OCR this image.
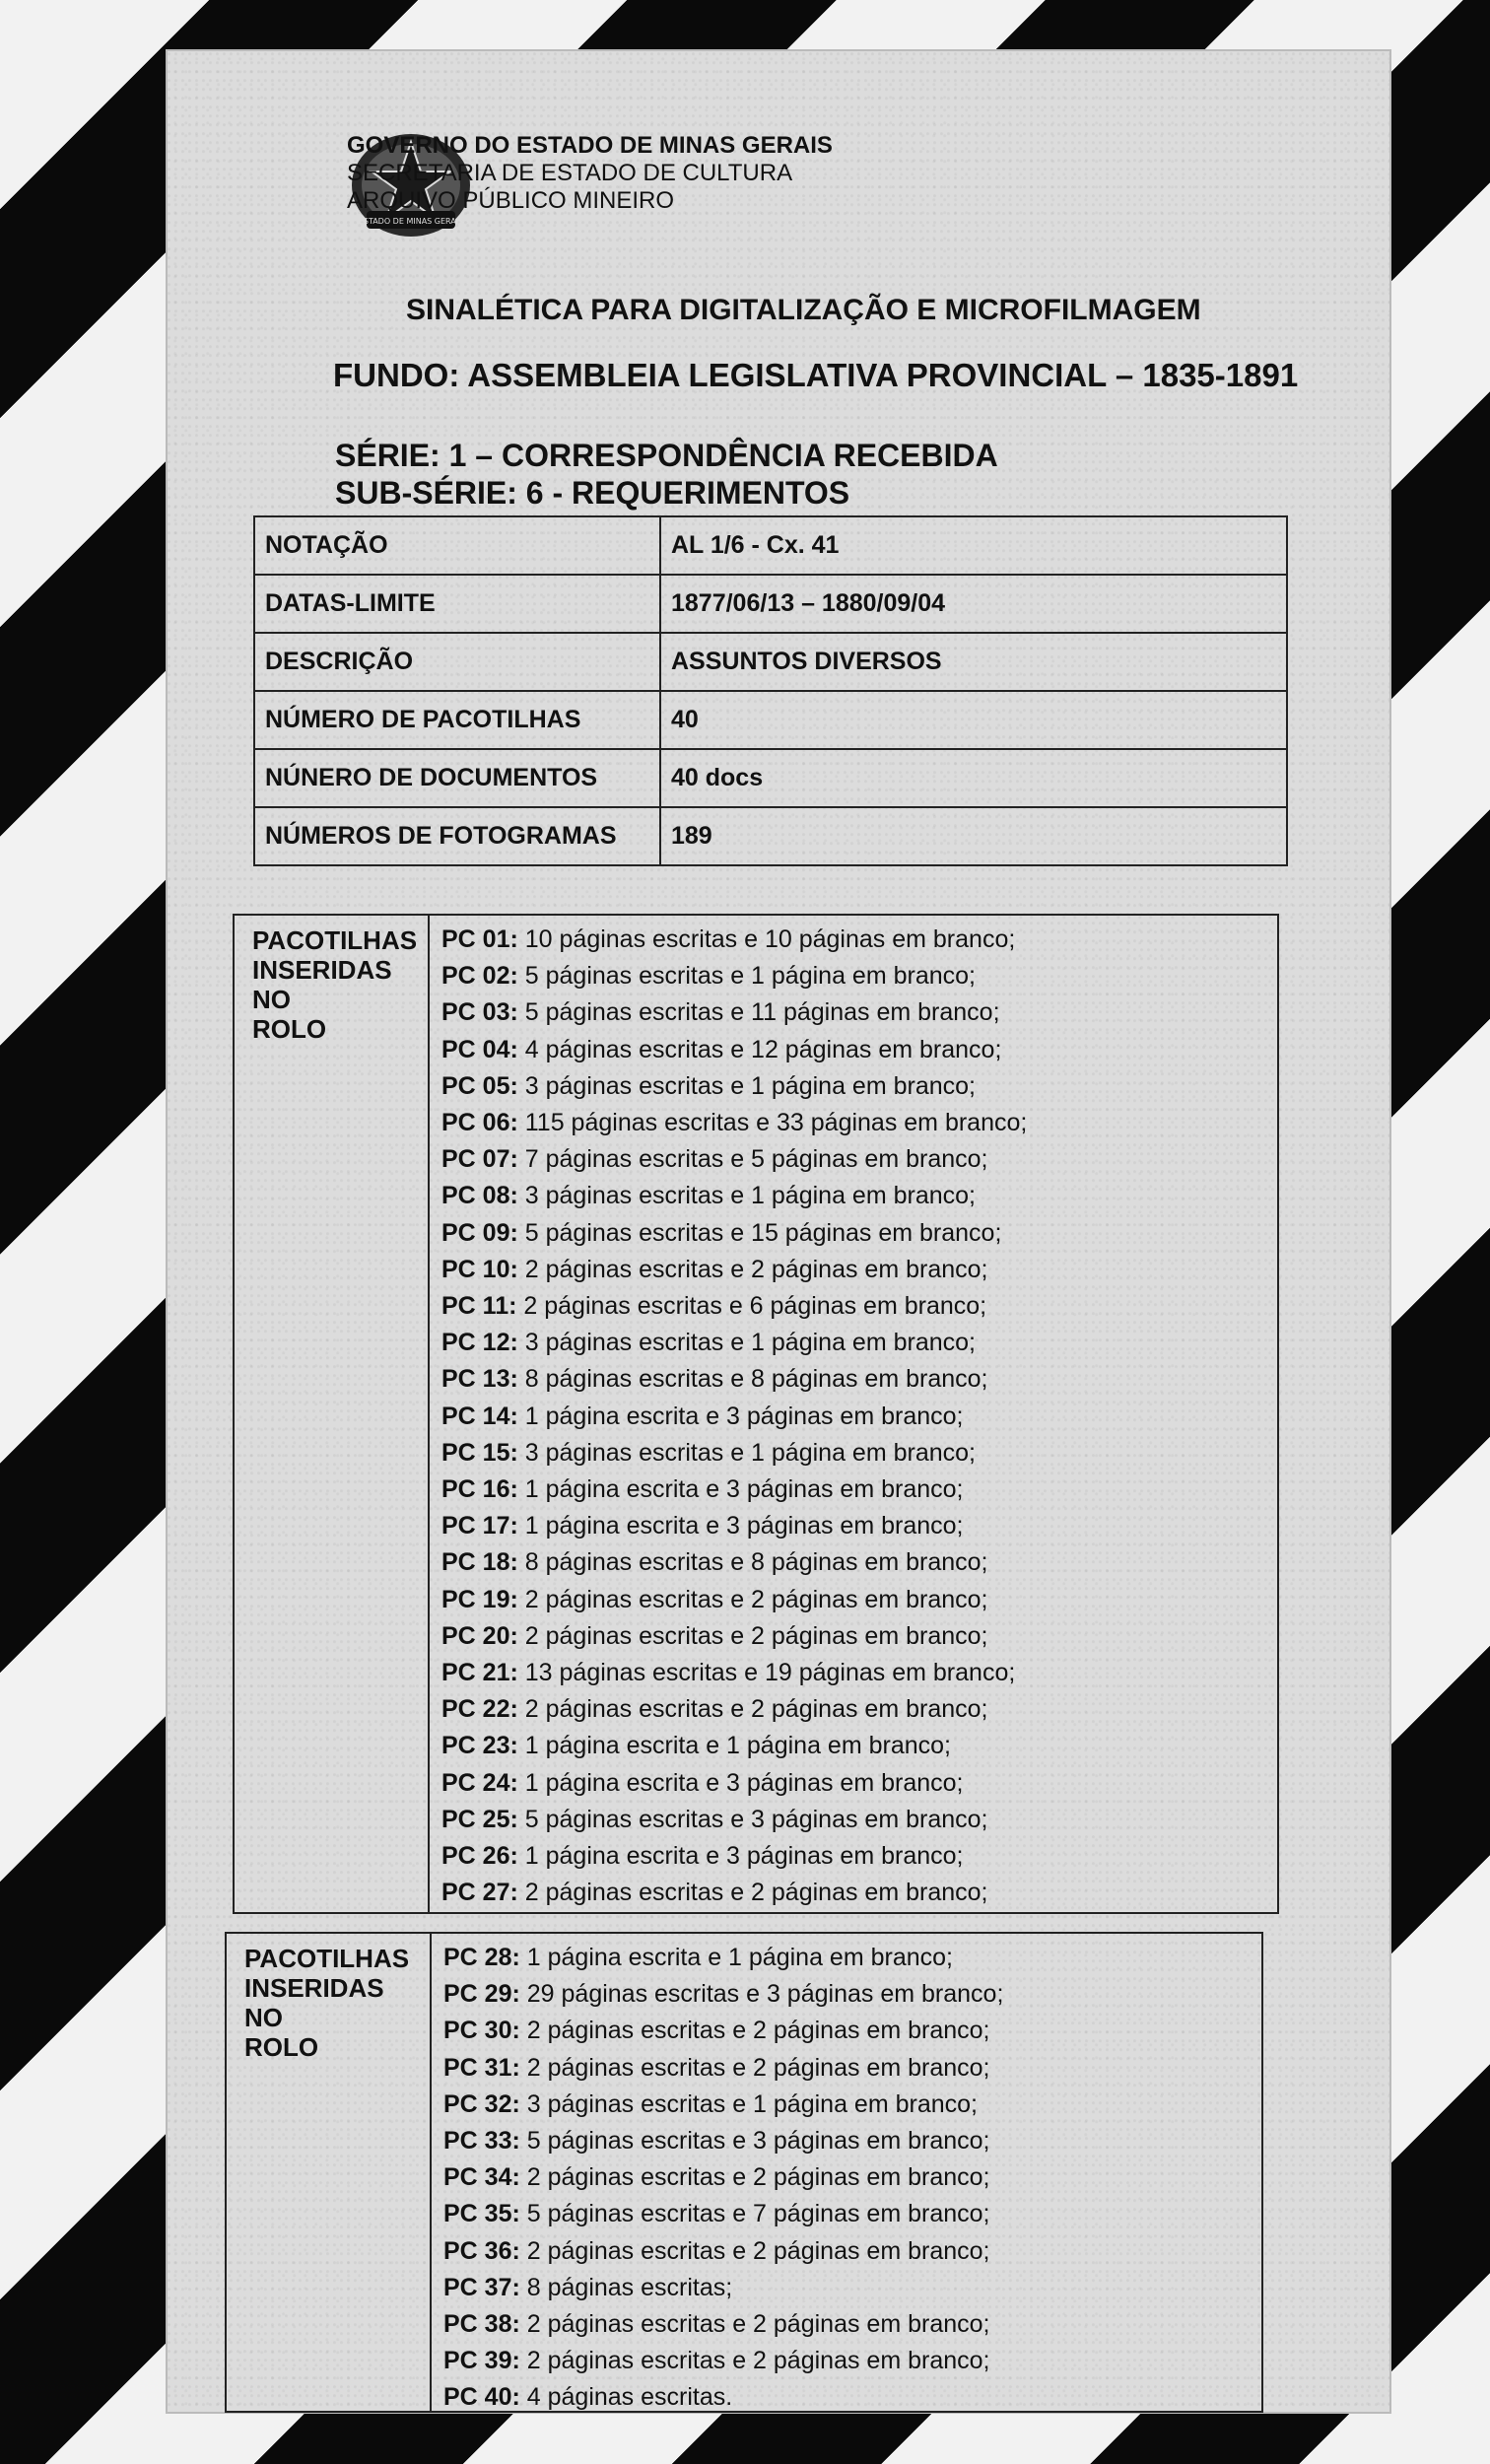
ESTADO DE MINAS GERAIS
GOVERNO DO ESTADO DE MINAS GERAIS
SECRETARIA DE ESTADO DE CULTURA
ARQUIVO PÚBLICO MINEIRO
SINALÉTICA PARA DIGITALIZAÇÃO E MICROFILMAGEM
FUNDO: ASSEMBLEIA LEGISLATIVA PROVINCIAL – 1835-1891
SÉRIE: 1 – CORRESPONDÊNCIA RECEBIDA
SUB-SÉRIE: 6 - REQUERIMENTOS
NOTAÇÃO	AL 1/6 - Cx. 41
DATAS-LIMITE	1877/06/13 – 1880/09/04
DESCRIÇÃO	ASSUNTOS DIVERSOS
NÚMERO DE PACOTILHAS	40
NÚNERO DE DOCUMENTOS	40 docs
NÚMEROS DE FOTOGRAMAS	189
PACOTILHAS
INSERIDAS NO
ROLO
PC 01: 10 páginas escritas e 10 páginas em branco;
PC 02: 5 páginas escritas e 1 página em branco;
PC 03: 5 páginas escritas e 11 páginas em branco;
PC 04: 4 páginas escritas e 12 páginas em branco;
PC 05: 3 páginas escritas e 1 página em branco;
PC 06: 115 páginas escritas e 33 páginas em branco;
PC 07: 7 páginas escritas e 5 páginas em branco;
PC 08: 3 páginas escritas e 1 página em branco;
PC 09: 5 páginas escritas e 15 páginas em branco;
PC 10: 2 páginas escritas e 2 páginas em branco;
PC 11: 2 páginas escritas e 6 páginas em branco;
PC 12: 3 páginas escritas e 1 página em branco;
PC 13: 8 páginas escritas e 8 páginas em branco;
PC 14: 1 página escrita e 3 páginas em branco;
PC 15: 3 páginas escritas e 1 página em branco;
PC 16: 1 página escrita e 3 páginas em branco;
PC 17: 1 página escrita e 3 páginas em branco;
PC 18: 8 páginas escritas e 8 páginas em branco;
PC 19: 2 páginas escritas e 2 páginas em branco;
PC 20: 2 páginas escritas e 2 páginas em branco;
PC 21: 13 páginas escritas e 19 páginas em branco;
PC 22: 2 páginas escritas e 2 páginas em branco;
PC 23: 1 página escrita e 1 página em branco;
PC 24: 1 página escrita e 3 páginas em branco;
PC 25: 5 páginas escritas e 3 páginas em branco;
PC 26: 1 página escrita e 3 páginas em branco;
PC 27: 2 páginas escritas e 2 páginas em branco;
PACOTILHAS
INSERIDAS NO
ROLO
PC 28: 1 página escrita e 1 página em branco;
PC 29: 29 páginas escritas e 3 páginas em branco;
PC 30: 2 páginas escritas e 2 páginas em branco;
PC 31: 2 páginas escritas e 2 páginas em branco;
PC 32: 3 páginas escritas e 1 página em branco;
PC 33: 5 páginas escritas e 3 páginas em branco;
PC 34: 2 páginas escritas e 2 páginas em branco;
PC 35: 5 páginas escritas e 7 páginas em branco;
PC 36: 2 páginas escritas e 2 páginas em branco;
PC 37: 8 páginas escritas;
PC 38: 2 páginas escritas e 2 páginas em branco;
PC 39: 2 páginas escritas e 2 páginas em branco;
PC 40: 4 páginas escritas.
